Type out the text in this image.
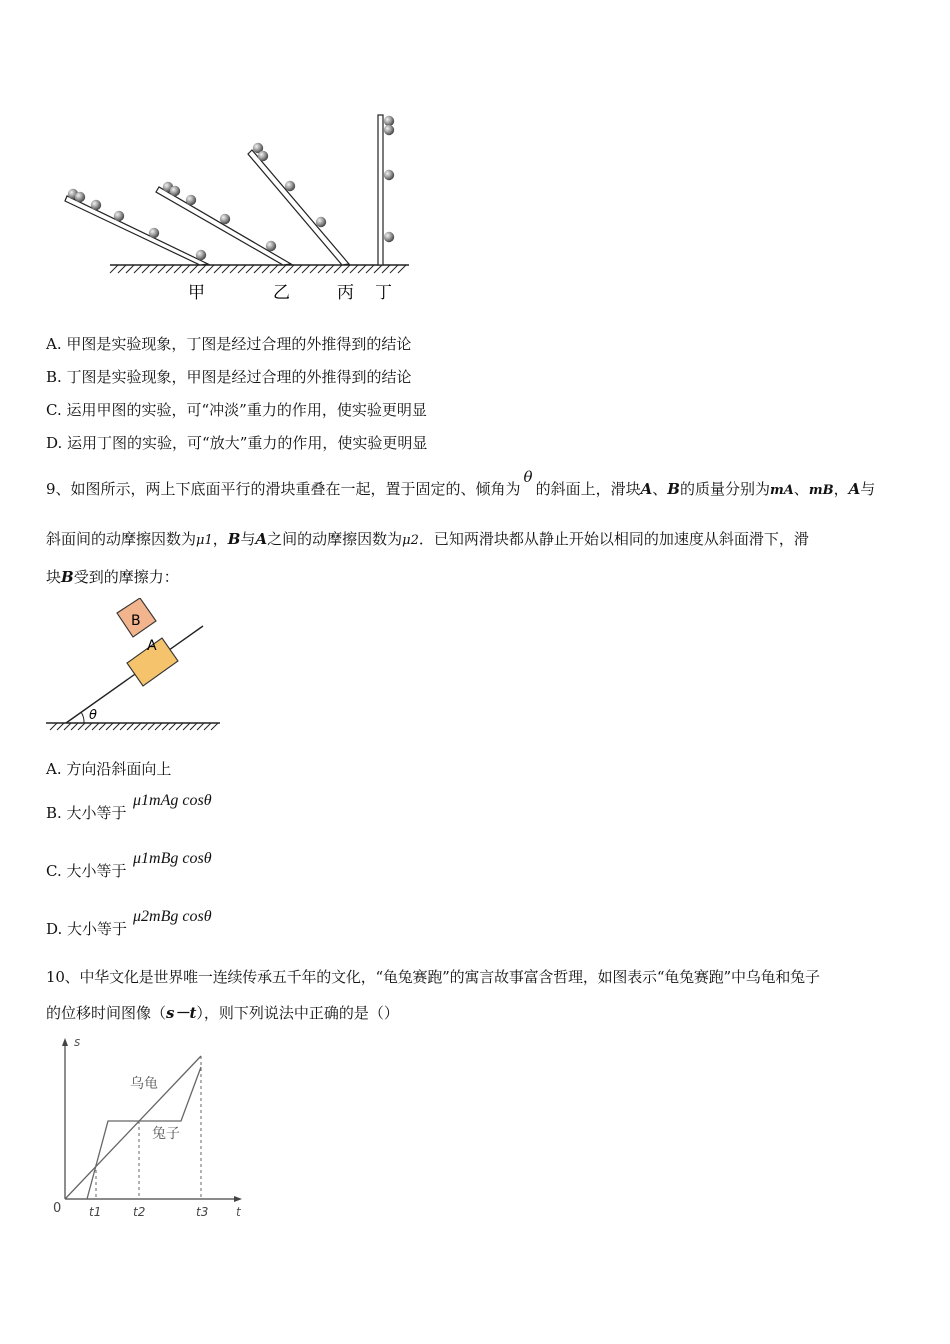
甲	乙	丙 丁
A. 甲图是实验现象，丁图是经过合理的外推得到的结论
B. 丁图是实验现象，甲图是经过合理的外推得到的结论
C. 运用甲图的实验，可“冲淡”重力的作用，使实验更明显
D. 运用丁图的实验，可“放大”重力的作用，使实验更明显
9、如图所示，两上下底面平行的滑块重叠在一起，置于固定的、倾角为θ的斜面上，滑块A、B的质量分别为mA、mB，A与
斜面间的动摩擦因数为μ1，B与A之间的动摩擦因数为μ2．已知两滑块都从静止开始以相同的加速度从斜面滑下，滑
块B受到的摩擦力：
θ
A
B
A. 方向沿斜面向上
B. 大小等于
μ1mAg cosθ
C. 大小等于
μ1mBg cosθ
D. 大小等于
μ2mBg cosθ
10、中华文化是世界唯一连续传承五千年的文化，“龟兔赛跑”的寓言故事富含哲理，如图表示“龟兔赛跑”中乌龟和兔子
的位移时间图像（s－t），则下列说法中正确的是（）
s
t
0
乌龟
兔子
t1	t2	t3
